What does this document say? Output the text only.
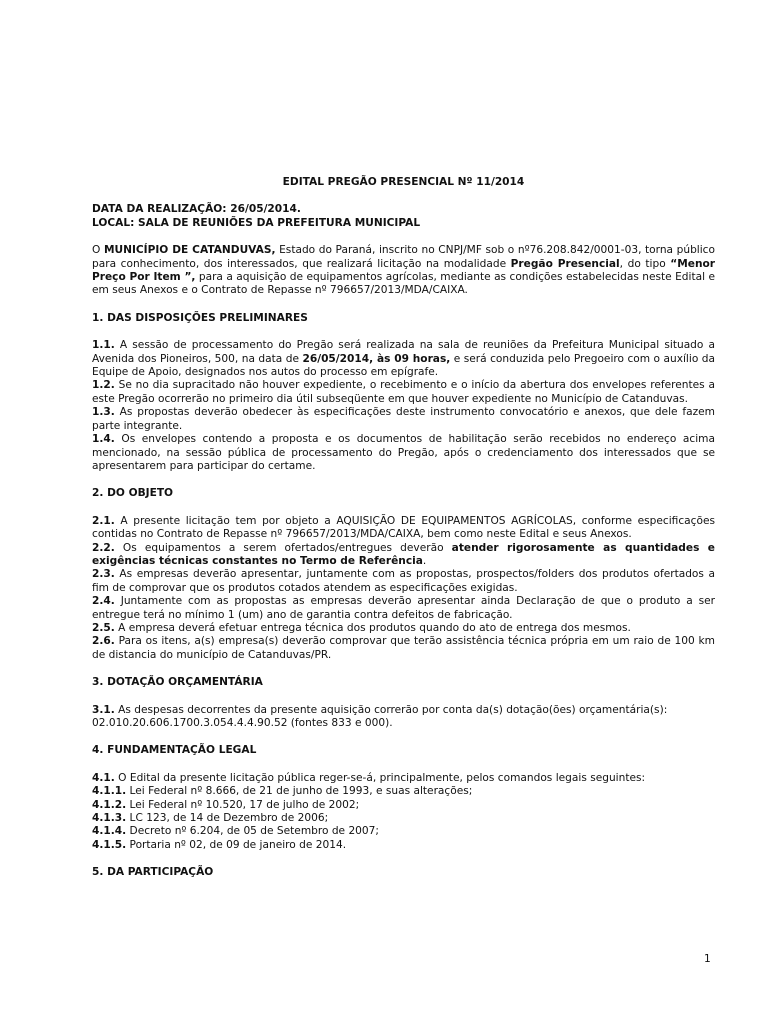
EDITAL PREGÃO PRESENCIAL Nº 11/2014
DATA DA REALIZAÇÃO: 26/05/2014.
LOCAL: SALA DE REUNIÕES DA PREFEITURA MUNICIPAL

O MUNICÍPIO DE CATANDUVAS, Estado do Paraná, inscrito no CNPJ/MF sob o nº76.208.842/0001-03, torna público para conhecimento, dos interessados, que realizará licitação na modalidade Pregão Presencial, do tipo “Menor Preço Por Item ”, para a aquisição de equipamentos agrícolas, mediante as condições estabelecidas neste Edital e em seus Anexos e o Contrato de Repasse nº 796657/2013/MDA/CAIXA.

1. DAS DISPOSIÇÕES PRELIMINARES

1.1. A sessão de processamento do Pregão será realizada na sala de reuniões da Prefeitura Municipal situado a Avenida dos Pioneiros, 500, na data de 26/05/2014, às 09 horas, e será conduzida pelo Pregoeiro com o auxílio da Equipe de Apoio, designados nos autos do processo em epígrafe.

1.2. Se no dia supracitado não houver expediente, o recebimento e o início da abertura dos envelopes referentes a este Pregão ocorrerão no primeiro dia útil subseqüente em que houver expediente no Município de Catanduvas.

1.3. As propostas deverão obedecer às especificações deste instrumento convocatório e anexos, que dele fazem parte integrante.

1.4. Os envelopes contendo a proposta e os documentos de habilitação serão recebidos no endereço acima mencionado, na sessão pública de processamento do Pregão, após o credenciamento dos interessados que se apresentarem para participar do certame.

2. DO OBJETO

2.1. A presente licitação tem por objeto a AQUISIÇÃO DE EQUIPAMENTOS AGRÍCOLAS, conforme especificações contidas no Contrato de Repasse nº 796657/2013/MDA/CAIXA, bem como neste Edital e seus Anexos.

2.2. Os equipamentos a serem ofertados/entregues deverão atender rigorosamente as quantidades e exigências técnicas constantes no Termo de Referência.

2.3. As empresas deverão apresentar, juntamente com as propostas, prospectos/folders dos produtos ofertados a fim de comprovar que os produtos cotados atendem as especificações exigidas.

2.4. Juntamente com as propostas as empresas deverão apresentar ainda Declaração de que o produto a ser entregue terá no mínimo 1 (um) ano de garantia contra defeitos de fabricação.

2.5. A empresa deverá efetuar entrega técnica dos produtos quando do ato de entrega dos mesmos.

2.6. Para os itens, a(s) empresa(s) deverão comprovar que terão assistência técnica própria em um raio de 100 km de distancia do município de Catanduvas/PR.

3. DOTAÇÃO ORÇAMENTÁRIA

3.1. As despesas decorrentes da presente aquisição correrão por conta da(s) dotação(ões) orçamentária(s):

02.010.20.606.1700.3.054.4.4.90.52 (fontes 833 e 000).

4. FUNDAMENTAÇÃO LEGAL

4.1. O Edital da presente licitação pública reger-se-á, principalmente, pelos comandos legais seguintes:

4.1.1. Lei Federal nº 8.666, de 21 de junho de 1993, e suas alterações;

4.1.2. Lei Federal nº 10.520, 17 de julho de 2002;

4.1.3. LC 123, de 14 de Dezembro de 2006;

4.1.4. Decreto nº 6.204, de 05 de Setembro de 2007;

4.1.5. Portaria nº 02, de 09 de janeiro de 2014.

5. DA PARTICIPAÇÃO
1
